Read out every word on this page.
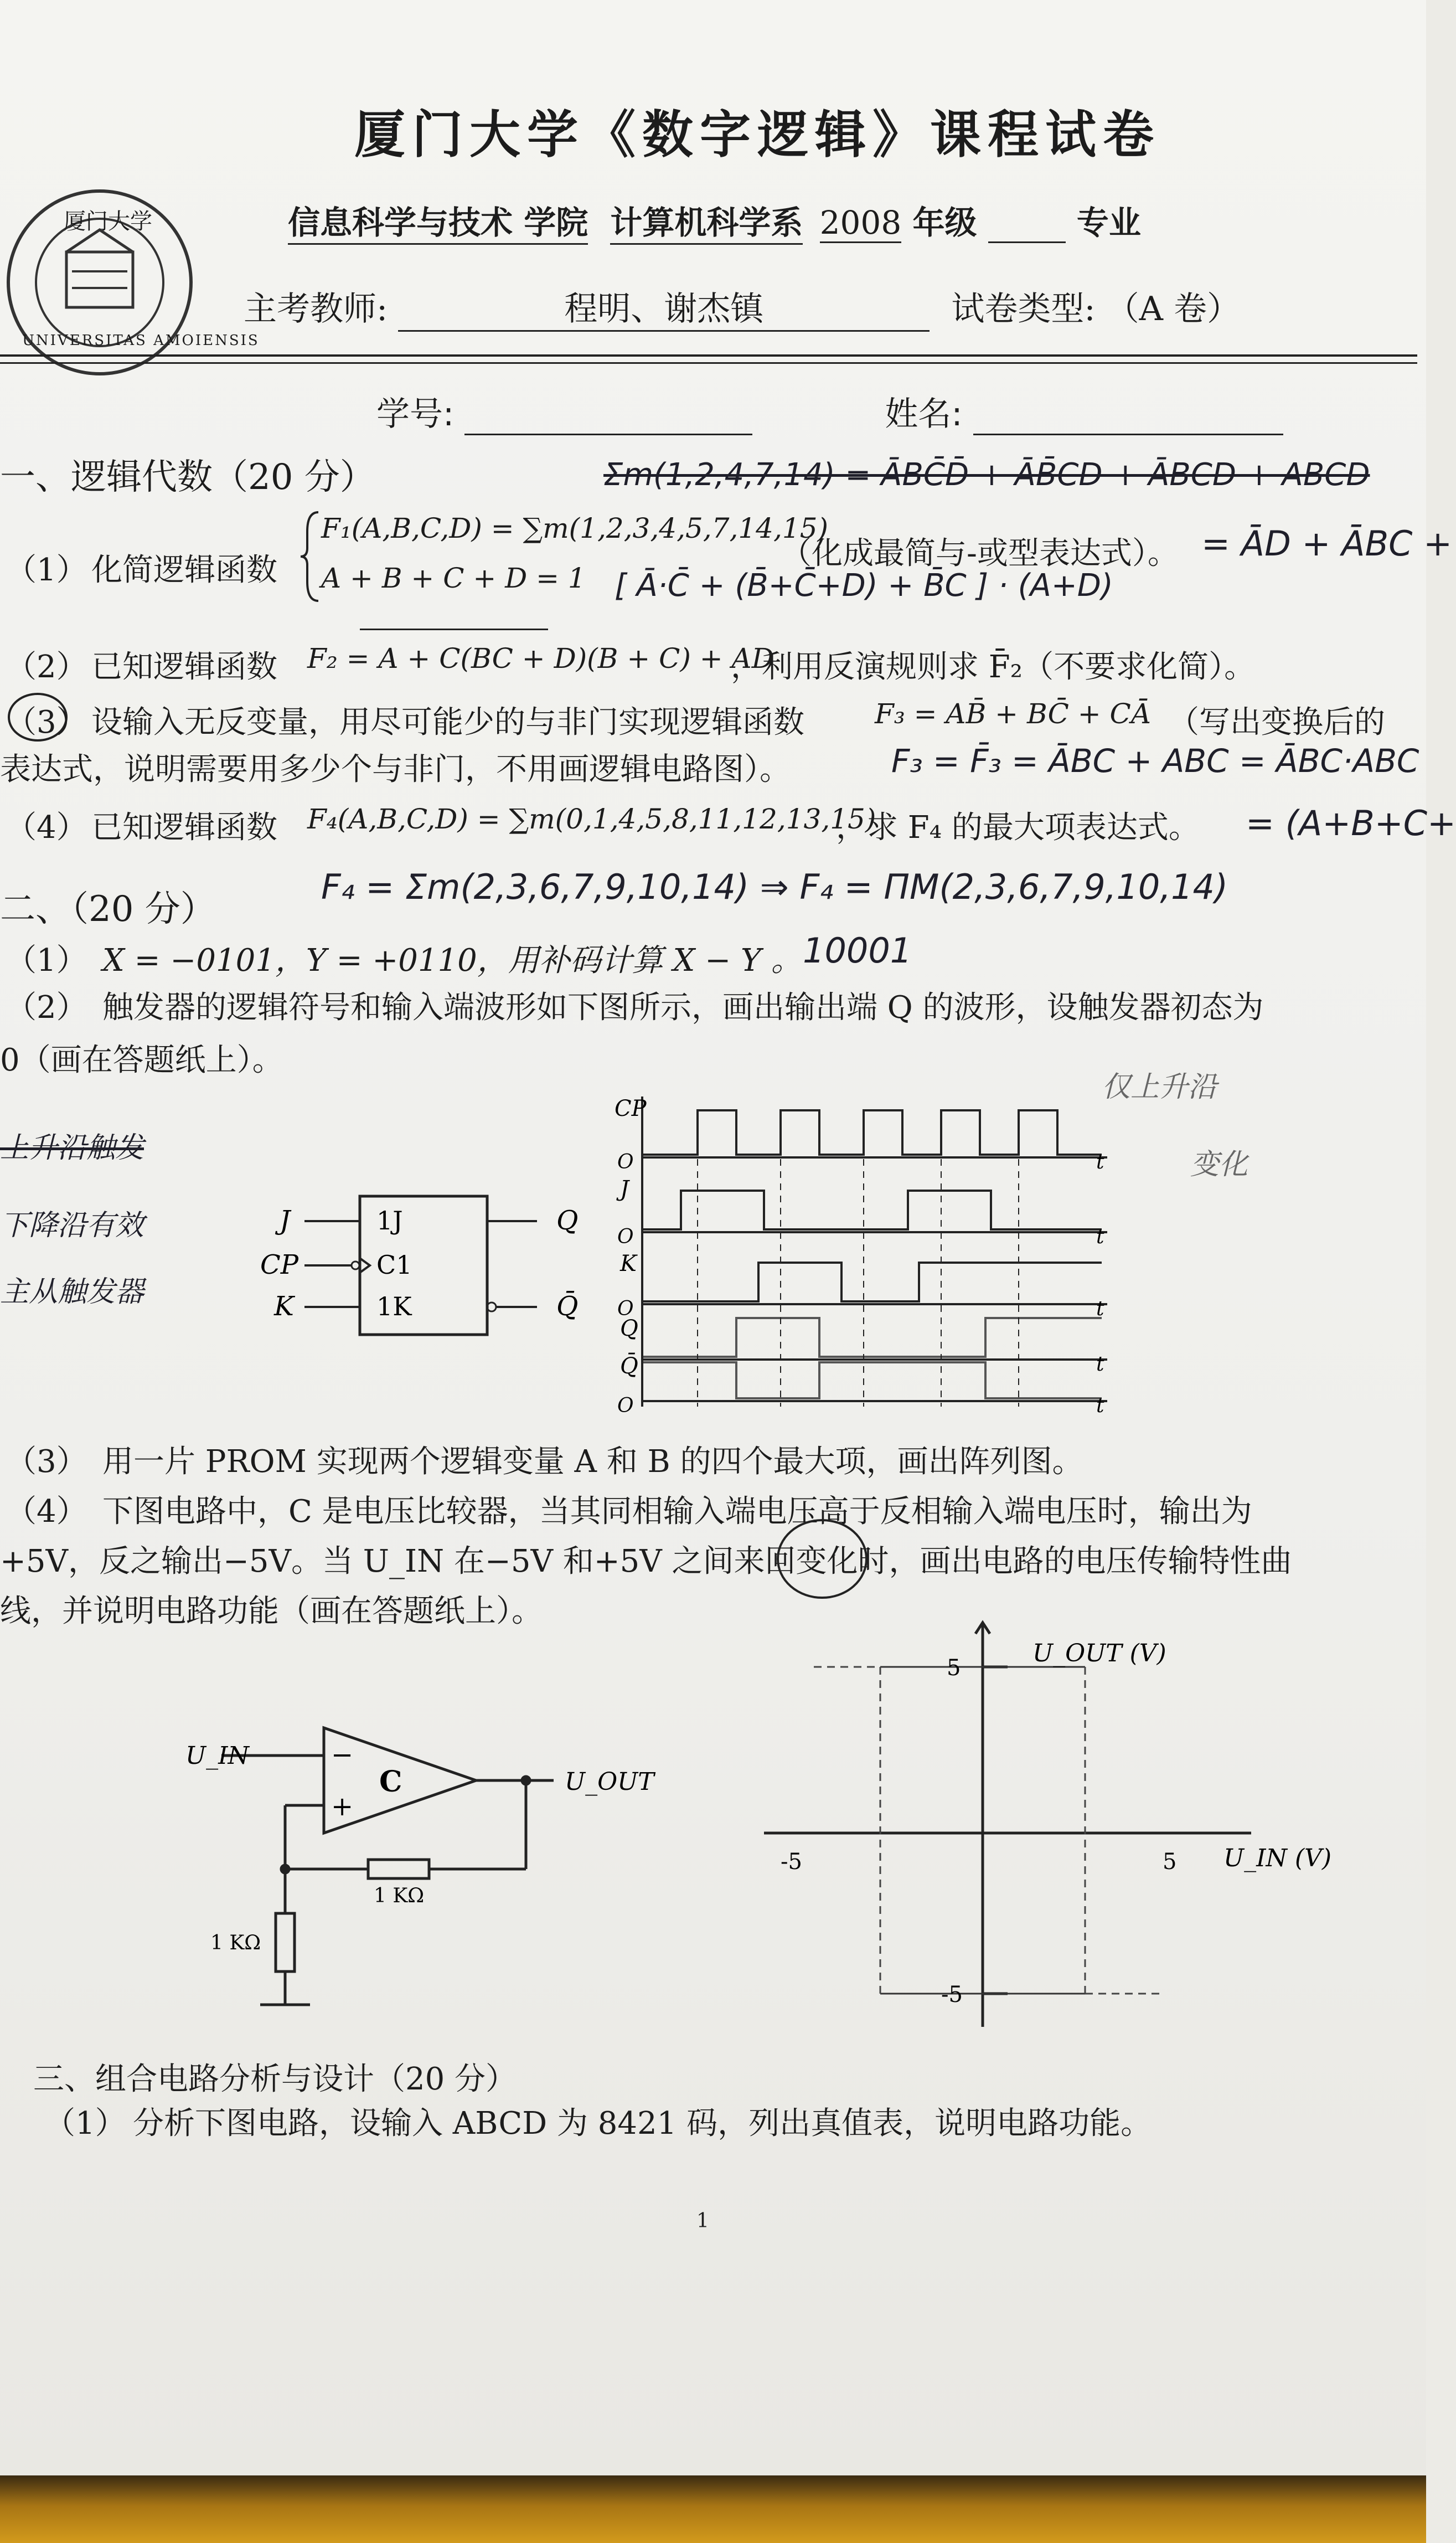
厦门大学
UNIVERSITAS AMOIENSIS
厦门大学《数字逻辑》课程试卷
信息科学与技术 学院 计算机科学系 2008 年级	专业
主考教师:	程明、谢杰镇	试卷类型: （A 卷）
学号:	姓名:
一、逻辑代数（20 分）	Σm(1,2,4,7,14) = ĀBC̄D̄ + ĀB̄CD + ĀBCD + ABCD
（1） 化简逻辑函数
F₁(A,B,C,D) = ∑m(1,2,3,4,5,7,14,15)
A + B + C + D = 1
（化成最简与-或型表达式）。 = ĀD + ĀBC +
[ Ā·C̄ + (B̄+C̄+D) + B̄C ] · (A+D)
（2） 已知逻辑函数 F₂ = A + C(BC + D)(B + C) + AD
，利用反演规则求 F̄₂（不要求化简）。
（3） 设输入无反变量，用尽可能少的与非门实现逻辑函数	F₃ = AB̄ + BC̄ + CĀ （写出变换后的
表达式，说明需要用多少个与非门，不用画逻辑电路图）。	F₃ = F̄₃ = ĀBC + ABC = ĀBC·ABC
（4） 已知逻辑函数 F₄(A,B,C,D) = ∑m(0,1,4,5,8,11,12,13,15)
，求 F₄ 的最大项表达式。 = (A+B+C+
二、（20 分）
F₄ = Σm(2,3,6,7,9,10,14) ⇒ F₄ = ΠM(2,3,6,7,9,10,14)
（1） X = −0101，Y = +0110，用补码计算 X − Y 。 10001
（2） 触发器的逻辑符号和输入端波形如下图所示，画出输出端 Q 的波形，设触发器初态为
0（画在答题纸上）。
上升沿触发
下降沿有效
主从触发器
仅上升沿
变化
J
CP
K
1J
C1
1K
Q
Q̄
CP
J
K
Q
Q̄
O
O
O
O
t
t
t
t
t
（3） 用一片 PROM 实现两个逻辑变量 A 和 B 的四个最大项，画出阵列图。
（4） 下图电路中，C 是电压比较器，当其同相输入端电压高于反相输入端电压时，输出为
+5V，反之输出−5V。当 U_IN 在−5V 和+5V 之间来回变化时，画出电路的电压传输特性曲
线，并说明电路功能（画在答题纸上）。
U_IN
U_OUT
C
−
+
1 KΩ
1 KΩ
U_OUT (V)
U_IN (V)
5
-5
-5	5
三、组合电路分析与设计（20 分）
（1） 分析下图电路，设输入 ABCD 为 8421 码，列出真值表，说明电路功能。
1
